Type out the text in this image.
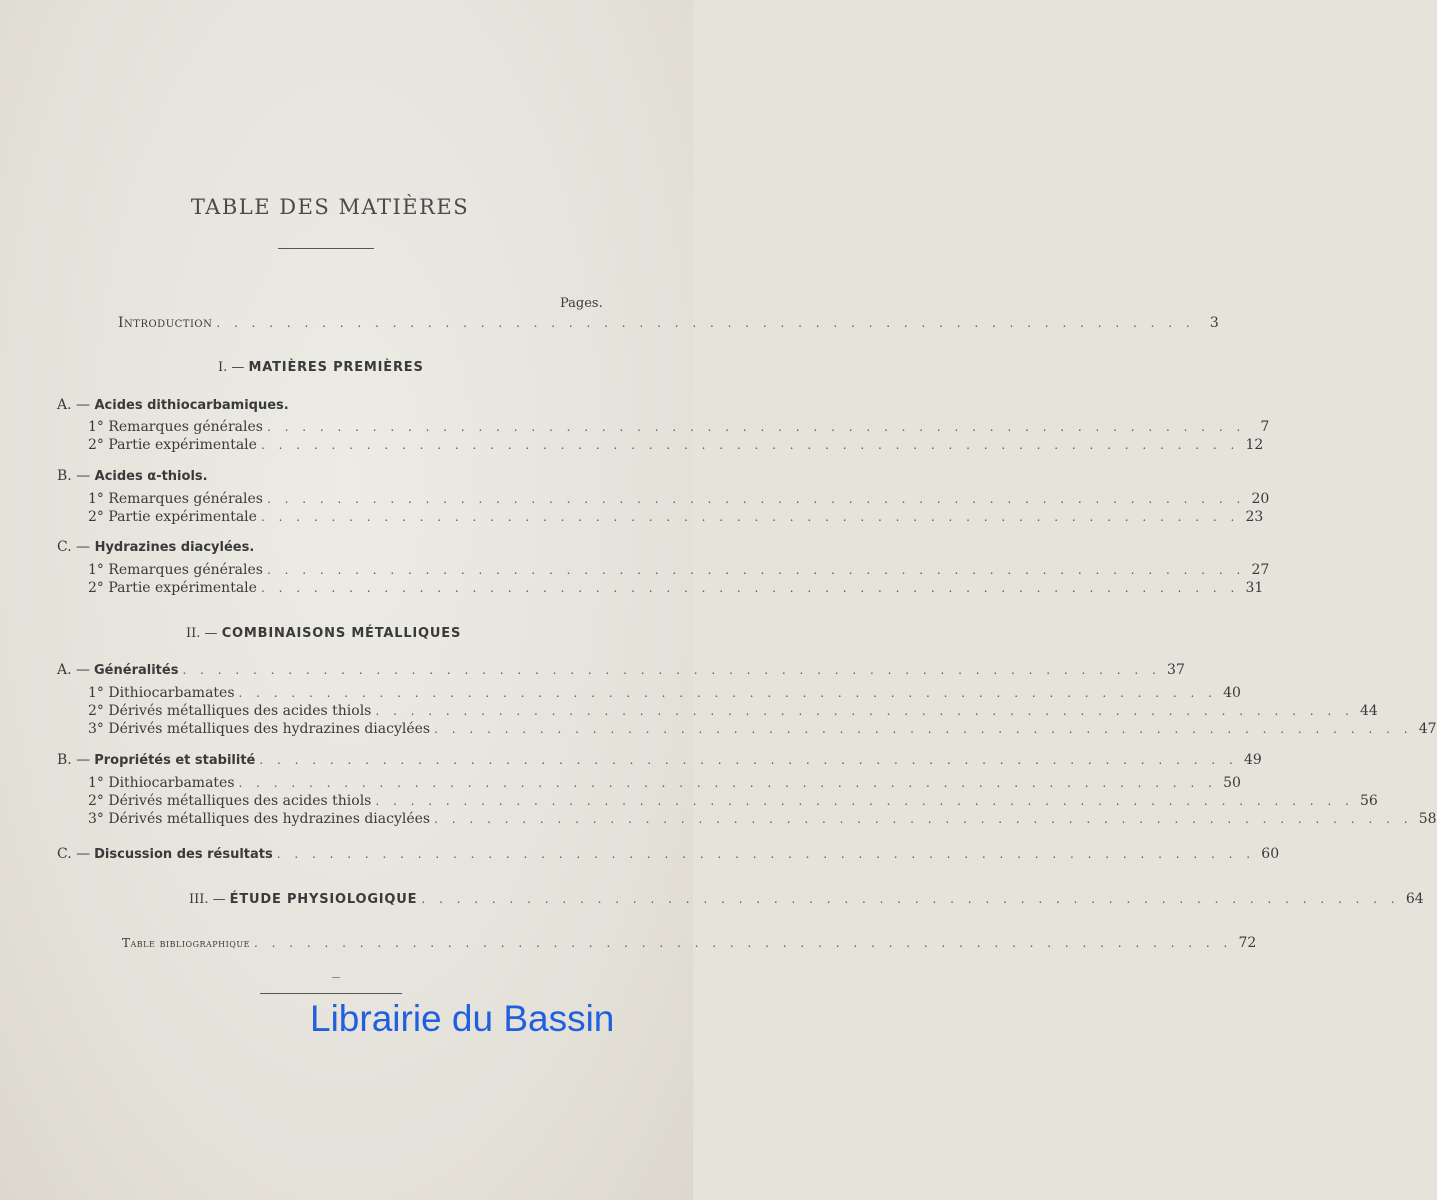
TABLE DES MATIÈRES
Pages.
Introduction . . . . . . . . . . . . . . . . . . . . . . . . . . . . . . . . . . . . . . . . . . . . . . . . . . . . . . . .	3
I. — MATIÈRES PREMIÈRES
A. — Acides dithiocarbamiques.
1° Remarques générales . . . . . . . . . . . . . . . . . . . . . . . . . . . . . . . . . . . . . . . . . . . . . . . . . . . . . . . .	7
2° Partie expérimentale . . . . . . . . . . . . . . . . . . . . . . . . . . . . . . . . . . . . . . . . . . . . . . . . . . . . . . . . 12
B. — Acides α-thiols.
1° Remarques générales . . . . . . . . . . . . . . . . . . . . . . . . . . . . . . . . . . . . . . . . . . . . . . . . . . . . . . . . 20
2° Partie expérimentale . . . . . . . . . . . . . . . . . . . . . . . . . . . . . . . . . . . . . . . . . . . . . . . . . . . . . . . . 23
C. — Hydrazines diacylées.
1° Remarques générales . . . . . . . . . . . . . . . . . . . . . . . . . . . . . . . . . . . . . . . . . . . . . . . . . . . . . . . . 27
2° Partie expérimentale . . . . . . . . . . . . . . . . . . . . . . . . . . . . . . . . . . . . . . . . . . . . . . . . . . . . . . . . 31
II. — COMBINAISONS MÉTALLIQUES
A. — Généralités . . . . . . . . . . . . . . . . . . . . . . . . . . . . . . . . . . . . . . . . . . . . . . . . . . . . . . . . 37
1° Dithiocarbamates . . . . . . . . . . . . . . . . . . . . . . . . . . . . . . . . . . . . . . . . . . . . . . . . . . . . . . . . 40
2° Dérivés métalliques des acides thiols . . . . . . . . . . . . . . . . . . . . . . . . . . . . . . . . . . . . . . . . . . . . . . . . . . . . . . . . 44
3° Dérivés métalliques des hydrazines diacylées . . . . . . . . . . . . . . . . . . . . . . . . . . . . . . . . . . . . . . . . . . . . . . . . . . . . . . . . 47
B. — Propriétés et stabilité . . . . . . . . . . . . . . . . . . . . . . . . . . . . . . . . . . . . . . . . . . . . . . . . . . . . . . . . 49
1° Dithiocarbamates . . . . . . . . . . . . . . . . . . . . . . . . . . . . . . . . . . . . . . . . . . . . . . . . . . . . . . . . 50
2° Dérivés métalliques des acides thiols . . . . . . . . . . . . . . . . . . . . . . . . . . . . . . . . . . . . . . . . . . . . . . . . . . . . . . . . 56
3° Dérivés métalliques des hydrazines diacylées . . . . . . . . . . . . . . . . . . . . . . . . . . . . . . . . . . . . . . . . . . . . . . . . . . . . . . . . 58
C. — Discussion des résultats . . . . . . . . . . . . . . . . . . . . . . . . . . . . . . . . . . . . . . . . . . . . . . . . . . . . . . . . 60
III. — ÉTUDE PHYSIOLOGIQUE . . . . . . . . . . . . . . . . . . . . . . . . . . . . . . . . . . . . . . . . . . . . . . . . . . . . . . . . 64
Table bibliographique . . . . . . . . . . . . . . . . . . . . . . . . . . . . . . . . . . . . . . . . . . . . . . . . . . . . . . . . 72
Librairie du Bassin
